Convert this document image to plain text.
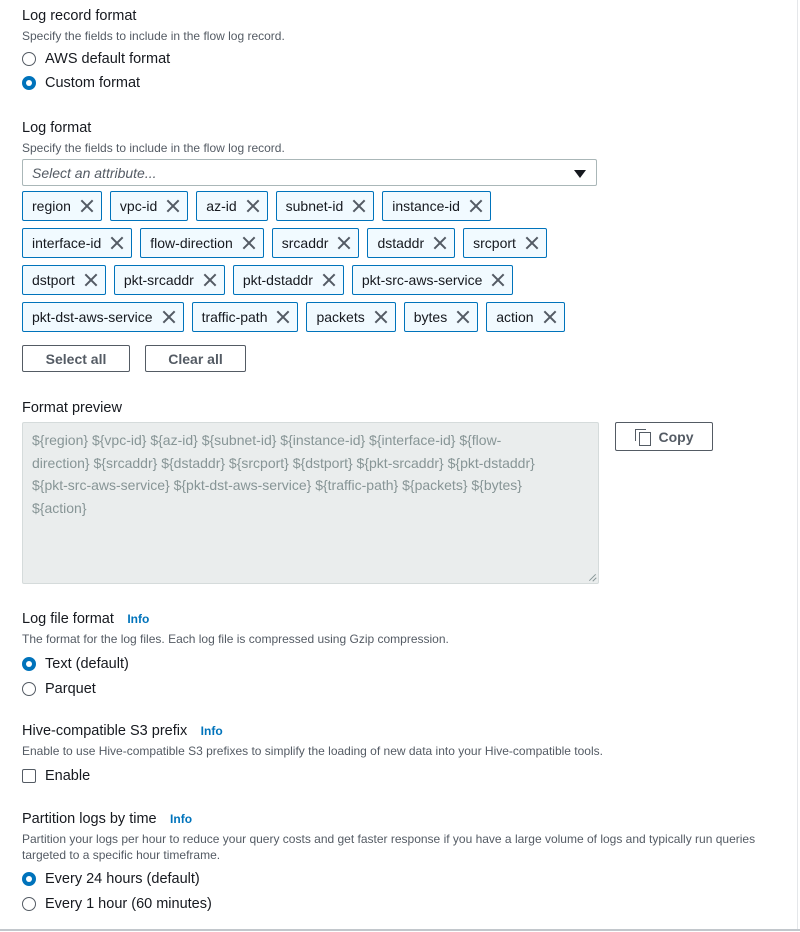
Log record format
Specify the fields to include in the flow log record.
AWS default format
Custom format
Log format
Specify the fields to include in the flow log record.
Select an attribute...
region	vpc-id	az-id	subnet-id	instance-id
interface-id	flow-direction	srcaddr	dstaddr	srcport
dstport	pkt-srcaddr	pkt-dstaddr	pkt-src-aws-service
pkt-dst-aws-service	traffic-path	packets	bytes	action
Select all	Clear all
Format preview
${region} ${vpc-id} ${az-id} ${subnet-id} ${instance-id} ${interface-id} ${flow-
direction} ${srcaddr} ${dstaddr} ${srcport} ${dstport} ${pkt-srcaddr} ${pkt-dstaddr}
${pkt-src-aws-service} ${pkt-dst-aws-service} ${traffic-path} ${packets} ${bytes}
${action}
Copy
Log file format Info
The format for the log files. Each log file is compressed using Gzip compression.
Text (default)
Parquet
Hive-compatible S3 prefix Info
Enable to use Hive-compatible S3 prefixes to simplify the loading of new data into your Hive-compatible tools.
Enable
Partition logs by time Info
Partition your logs per hour to reduce your query costs and get faster response if you have a large volume of logs and typically run queries
targeted to a specific hour timeframe.
Every 24 hours (default)
Every 1 hour (60 minutes)
